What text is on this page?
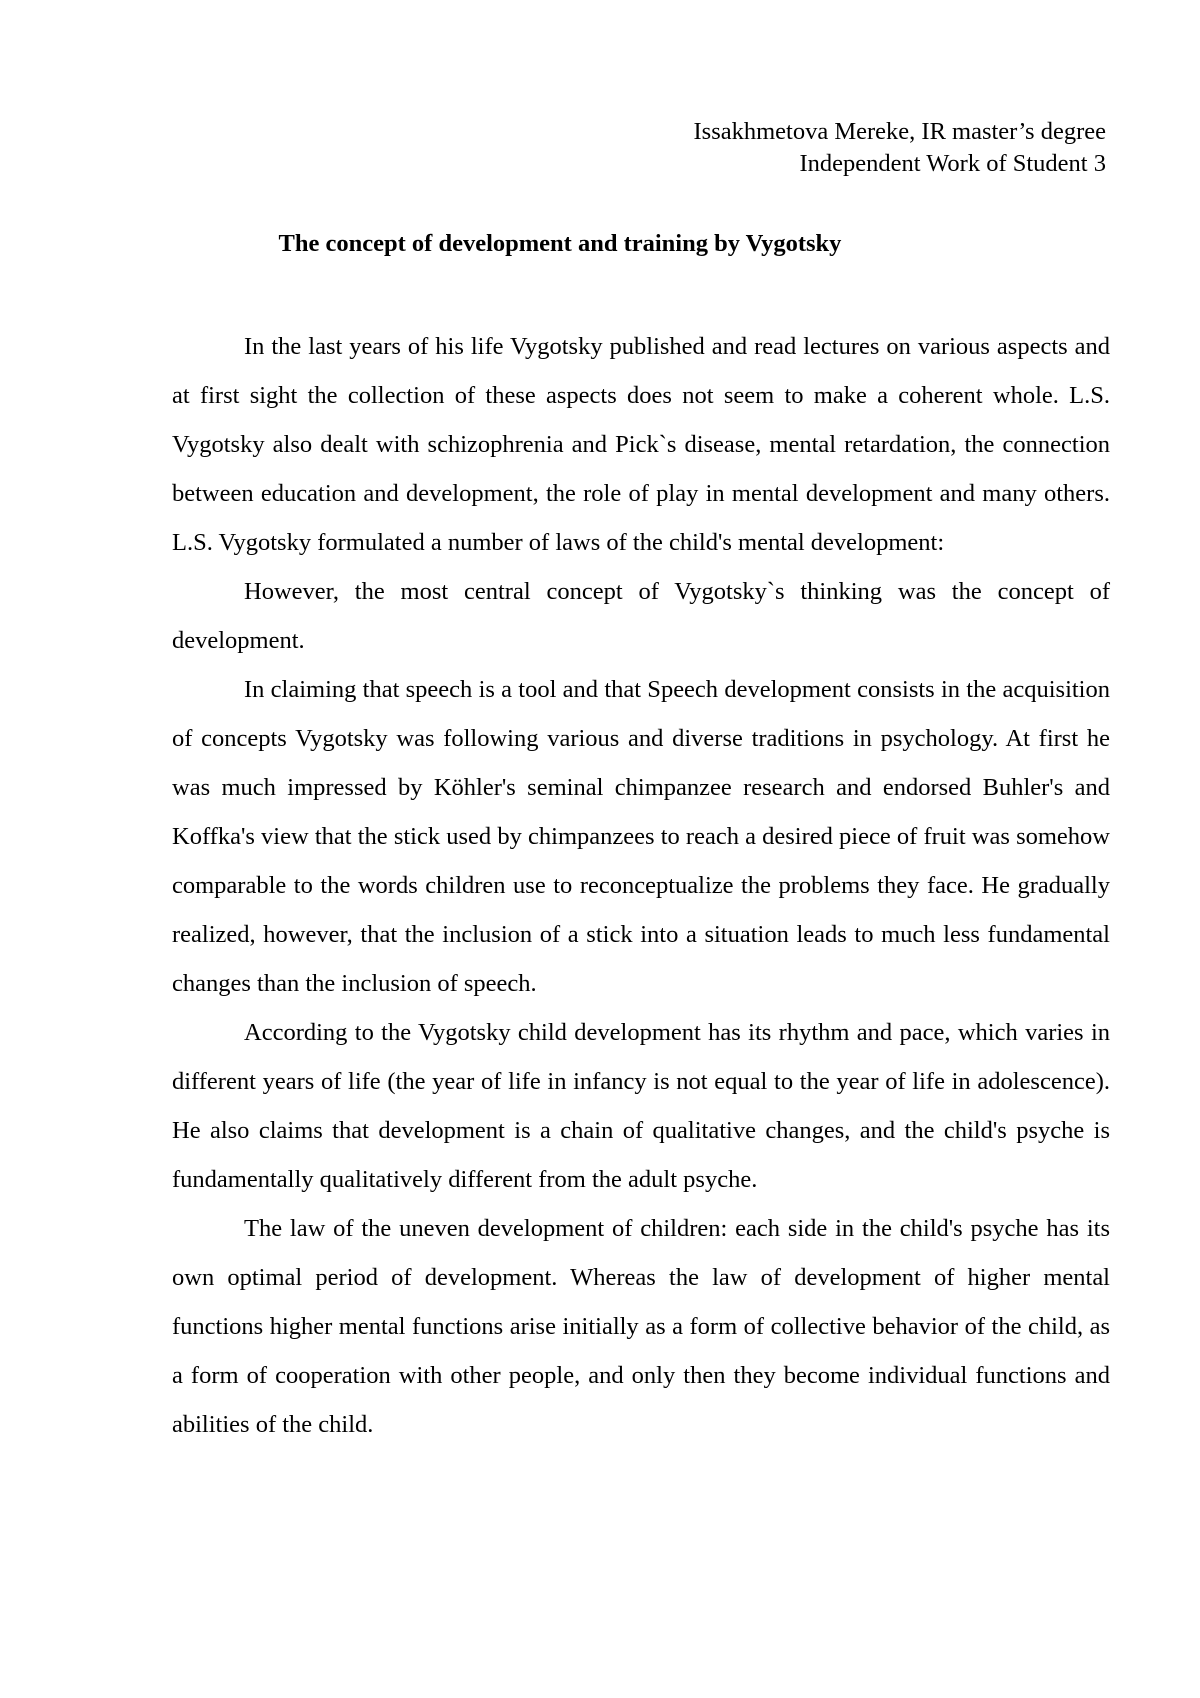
Issakhmetova Mereke, IR master’s degree
Independent Work of Student 3
The concept of development and training by Vygotsky

In the last years of his life Vygotsky published and read lectures on various aspects and at first sight the collection of these aspects does not seem to make a coherent whole. L.S. Vygotsky also dealt with schizophrenia and Pick`s disease, mental retardation, the connection between education and development, the role of play in mental development and many others. L.S. Vygotsky formulated a number of laws of the child's mental development:

However, the most central concept of Vygotsky`s thinking was the concept of development.

In claiming that speech is a tool and that Speech development consists in the acquisition of concepts Vygotsky was following various and diverse traditions in psychology. At first he was much impressed by Köhler's seminal chimpanzee research and endorsed Buhler's and Koffka's view that the stick used by chimpanzees to reach a desired piece of fruit was somehow comparable to the words children use to reconceptualize the problems they face. He gradually realized, however, that the inclusion of a stick into a situation leads to much less fundamental changes than the inclusion of speech.

According to the Vygotsky child development has its rhythm and pace, which varies in different years of life (the year of life in infancy is not equal to the year of life in adolescence). He also claims that development is a chain of qualitative changes, and the child's psyche is fundamentally qualitatively different from the adult psyche.

The law of the uneven development of children: each side in the child's psyche has its own optimal period of development. Whereas the law of development of higher mental functions higher mental functions arise initially as a form of collective behavior of the child, as a form of cooperation with other people, and only then they become individual functions and abilities of the child.
